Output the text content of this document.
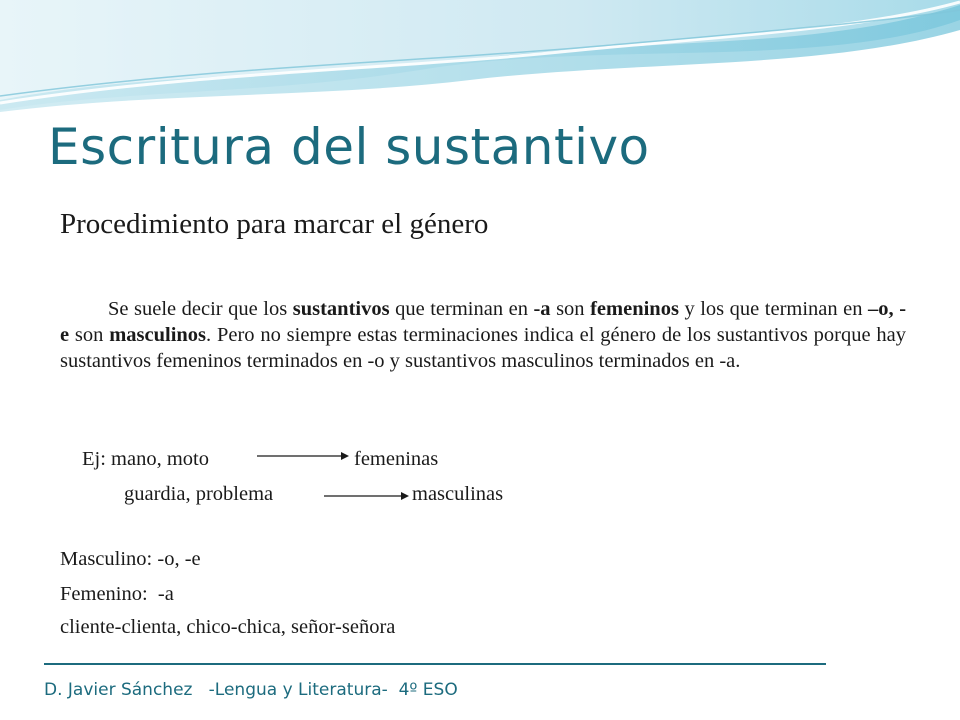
Escritura del sustantivo
Procedimiento para marcar el género

Se suele decir que los sustantivos que terminan en -a son femeninos y los que terminan en –o, -e son masculinos. Pero no siempre estas terminaciones indica el género de los sustantivos porque hay sustantivos femeninos terminados en -o y sustantivos masculinos terminados en -a.

Ej: mano, moto	femeninas
guardia, problema	masculinas
Masculino: -o, -e
Femenino:  -a
cliente-clienta, chico-chica, señor-señora
D. Javier Sánchez   -Lengua y Literatura-  4º ESO
